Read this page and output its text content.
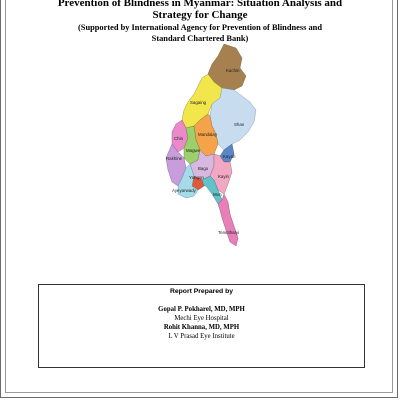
Prevention of Blindness in Myanmar: Situation Analysis and
Strategy for Change
(Supported by International Agency for Prevention of Blindness and
Standard Chartered Bank)
Kachin
Sagaing
Shan
Chin
Mandalay
Magwe
Rakhine	Kayah
Bago
Yangon	Kayin
Ayeyarwady
Mon
Tenintharyi
Report Prepared by
Gopal P. Pokharel, MD, MPH
Mechi Eye Hospital
Rohit Khanna, MD, MPH
L V Prasad Eye Institute
